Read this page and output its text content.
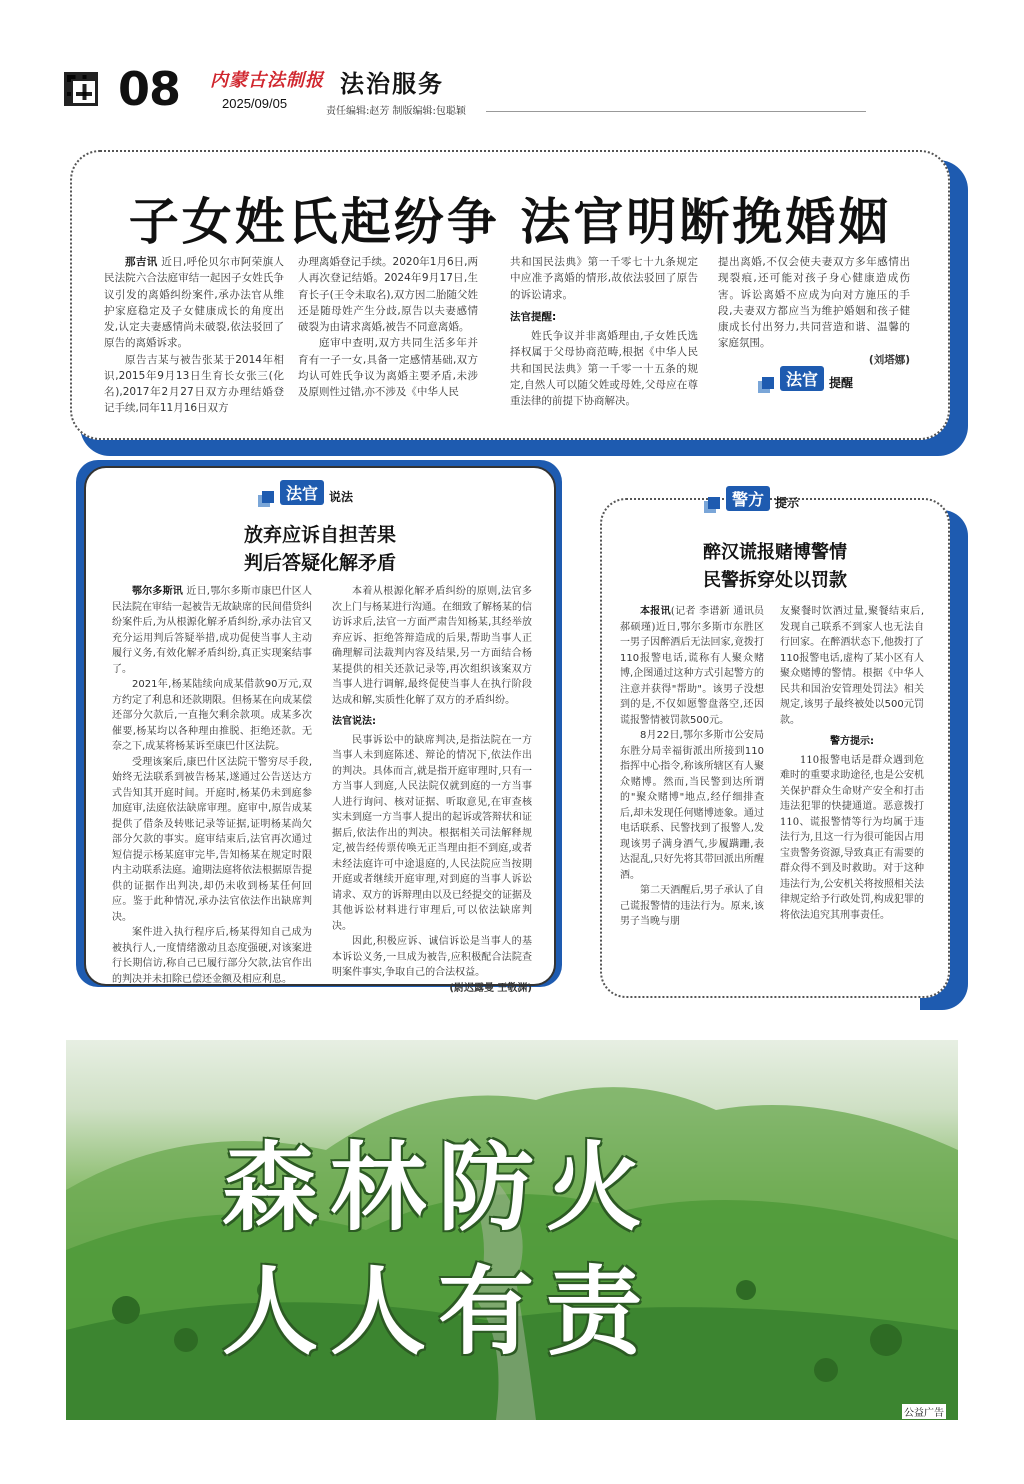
08 内蒙古法制报
2025/09/05
法治服务
责任编辑:赵芳 制版编辑:包聪颖
子女姓氏起纷争 法官明断挽婚姻

那吉讯 近日,呼伦贝尔市阿荣旗人民法院六合法庭审结一起因子女姓氏争议引发的离婚纠纷案件,承办法官从维护家庭稳定及子女健康成长的角度出发,认定夫妻感情尚未破裂,依法驳回了原告的离婚诉求。

原告吉某与被告张某于2014年相识,2015年9月13日生育长女张三(化名),2017年2月27日双方办理结婚登记手续,同年11月16日双方

办理离婚登记手续。2020年1月6日,两人再次登记结婚。2024年9月17日,生育长子(王令未取名),双方因二胎随父姓还是随母姓产生分歧,原告以夫妻感情破裂为由请求离婚,被告不同意离婚。

庭审中查明,双方共同生活多年并育有一子一女,具备一定感情基础,双方均认可姓氏争议为离婚主要矛盾,未涉及原则性过错,亦不涉及《中华人民

共和国民法典》第一千零七十九条规定中应准予离婚的情形,故依法驳回了原告的诉讼请求。

法官提醒:

姓氏争议并非离婚理由,子女姓氏选择权属于父母协商范畴,根据《中华人民共和国民法典》第一千零一十五条的规定,自然人可以随父姓或母姓,父母应在尊重法律的前提下协商解决。

提出离婚,不仅会使夫妻双方多年感情出现裂痕,还可能对孩子身心健康造成伤害。诉讼离婚不应成为向对方施压的手段,夫妻双方都应当为维护婚姻和孩子健康成长付出努力,共同营造和谐、温馨的家庭氛围。

(刘塔娜)

法官 提醒
法官 说法
放弃应诉自担苦果
判后答疑化解矛盾

鄂尔多斯讯 近日,鄂尔多斯市康巴什区人民法院在审结一起被告无故缺席的民间借贷纠纷案件后,为从根源化解矛盾纠纷,承办法官又充分运用判后答疑举措,成功促使当事人主动履行义务,有效化解矛盾纠纷,真正实现案结事了。

2021年,杨某陆续向成某借款90万元,双方约定了利息和还款期限。但杨某在向成某偿还部分欠款后,一直拖欠剩余款项。成某多次催要,杨某均以各种理由推脱、拒绝还款。无奈之下,成某将杨某诉至康巴什区法院。

受理该案后,康巴什区法院干警穷尽手段,始终无法联系到被告杨某,遂通过公告送达方式告知其开庭时间。开庭时,杨某仍未到庭参加庭审,法庭依法缺席审理。庭审中,原告成某提供了借条及转账记录等证据,证明杨某尚欠部分欠款的事实。庭审结束后,法官再次通过短信提示杨某庭审完毕,告知杨某在规定时限内主动联系法庭。逾期法庭将依法根据原告提供的证据作出判决,却仍未收到杨某任何回应。鉴于此种情况,承办法官依法作出缺席判决。

案件进入执行程序后,杨某得知自己成为被执行人,一度情绪激动且态度强硬,对该案进行长期信访,称自己已履行部分欠款,法官作出的判决并未扣除已偿还金额及相应利息。

本着从根源化解矛盾纠纷的原则,法官多次上门与杨某进行沟通。在细致了解杨某的信访诉求后,法官一方面严肃告知杨某,其经举放弃应诉、拒绝答辩造成的后果,帮助当事人正确理解司法裁判内容及结果,另一方面结合杨某提供的相关还款记录等,再次组织该案双方当事人进行调解,最终促使当事人在执行阶段达成和解,实质性化解了双方的矛盾纠纷。

法官说法:

民事诉讼中的缺席判决,是指法院在一方当事人未到庭陈述、辩论的情况下,依法作出的判决。具体而言,就是指开庭审理时,只有一方当事人到庭,人民法院仅就到庭的一方当事人进行询问、核对证据、听取意见,在审查核实未到庭一方当事人提出的起诉或答辩状和证据后,依法作出的判决。根据相关司法解释规定,被告经传票传唤无正当理由拒不到庭,或者未经法庭许可中途退庭的,人民法院应当按期开庭或者继续开庭审理,对到庭的当事人诉讼请求、双方的诉辩理由以及已经提交的证据及其他诉讼材料进行审理后,可以依法缺席判决。

因此,积极应诉、诚信诉讼是当事人的基本诉讼义务,一旦成为被告,应积极配合法院查明案件事实,争取自己的合法权益。

(尉迟露曼 王敬渊)

警方 提示
醉汉谎报赌博警情
民警拆穿处以罚款

本报讯(记者 李谱新 通讯员 郝硕瑾)近日,鄂尔多斯市东胜区一男子因醉酒后无法回家,竟拨打110报警电话,谎称有人聚众赌博,企图通过这种方式引起警方的注意并获得"帮助"。该男子没想到的是,不仅如愿警盘落空,还因谎报警情被罚款500元。

8月22日,鄂尔多斯市公安局东胜分局幸福街派出所接到110指挥中心指令,称该所辖区有人聚众赌博。然而,当民警到达所谓的"聚众赌博"地点,经仔细排查后,却未发现任何赌博迹象。通过电话联系、民警找到了报警人,发现该男子满身酒气,步履蹒跚,表达混乱,只好先将其带回派出所醒酒。

第二天酒醒后,男子承认了自己谎报警情的违法行为。原来,该男子当晚与朋

友聚餐时饮酒过量,聚餐结束后,发现自己联系不到家人也无法自行回家。在醉酒状态下,他拨打了110报警电话,虚构了某小区有人聚众赌博的警情。根据《中华人民共和国治安管理处罚法》相关规定,该男子最终被处以500元罚款。

警方提示:

110报警电话是群众遇到危难时的重要求助途径,也是公安机关保护群众生命财产安全和打击违法犯罪的快捷通道。恶意拨打110、谎报警情等行为均属于违法行为,且这一行为很可能因占用宝贵警务资源,导致真正有需要的群众得不到及时救助。对于这种违法行为,公安机关将按照相关法律规定给予行政处罚,构成犯罪的将依法追究其刑事责任。

森林防火
人人有责
公益广告
